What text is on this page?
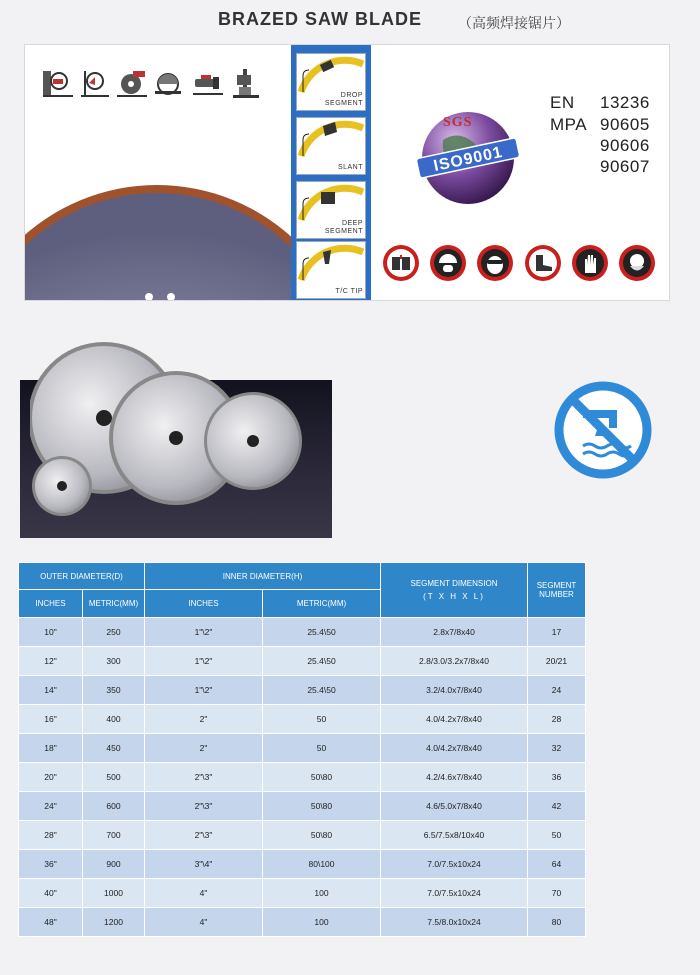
BRAZED SAW BLADE	（高频焊接锯片）
DROP
SEGMENT
SLANT
DEEP
SEGMENT
T/C TIP
SGS
ISO9001
EN 13236
MPA 90605
90606
90607
OUTER DIAMETER(D)		INNER DIAMETER(H)		SEGMENT DIMENSION
(T X H X L)	SEGMENT NUMBER
INCHES	METRIC(MM)	INCHES	METRIC(MM)		
10"	250	1"\2"	25.4\50	2.8x7/8x40	17
12"	300	1"\2"	25.4\50	2.8/3.0/3.2x7/8x40	20/21
14"	350	1"\2"	25.4\50	3.2/4.0x7/8x40	24
16"	400	2"	50	4.0/4.2x7/8x40	28
18"	450	2"	50	4.0/4.2x7/8x40	32
20"	500	2"\3"	50\80	4.2/4.6x7/8x40	36
24"	600	2"\3"	50\80	4.6/5.0x7/8x40	42
28"	700	2"\3"	50\80	6.5/7.5x8/10x40	50
36"	900	3"\4"	80\100	7.0/7.5x10x24	64
40"	1000	4"	100	7.0/7.5x10x24	70
48"	1200	4"	100	7.5/8.0x10x24	80
